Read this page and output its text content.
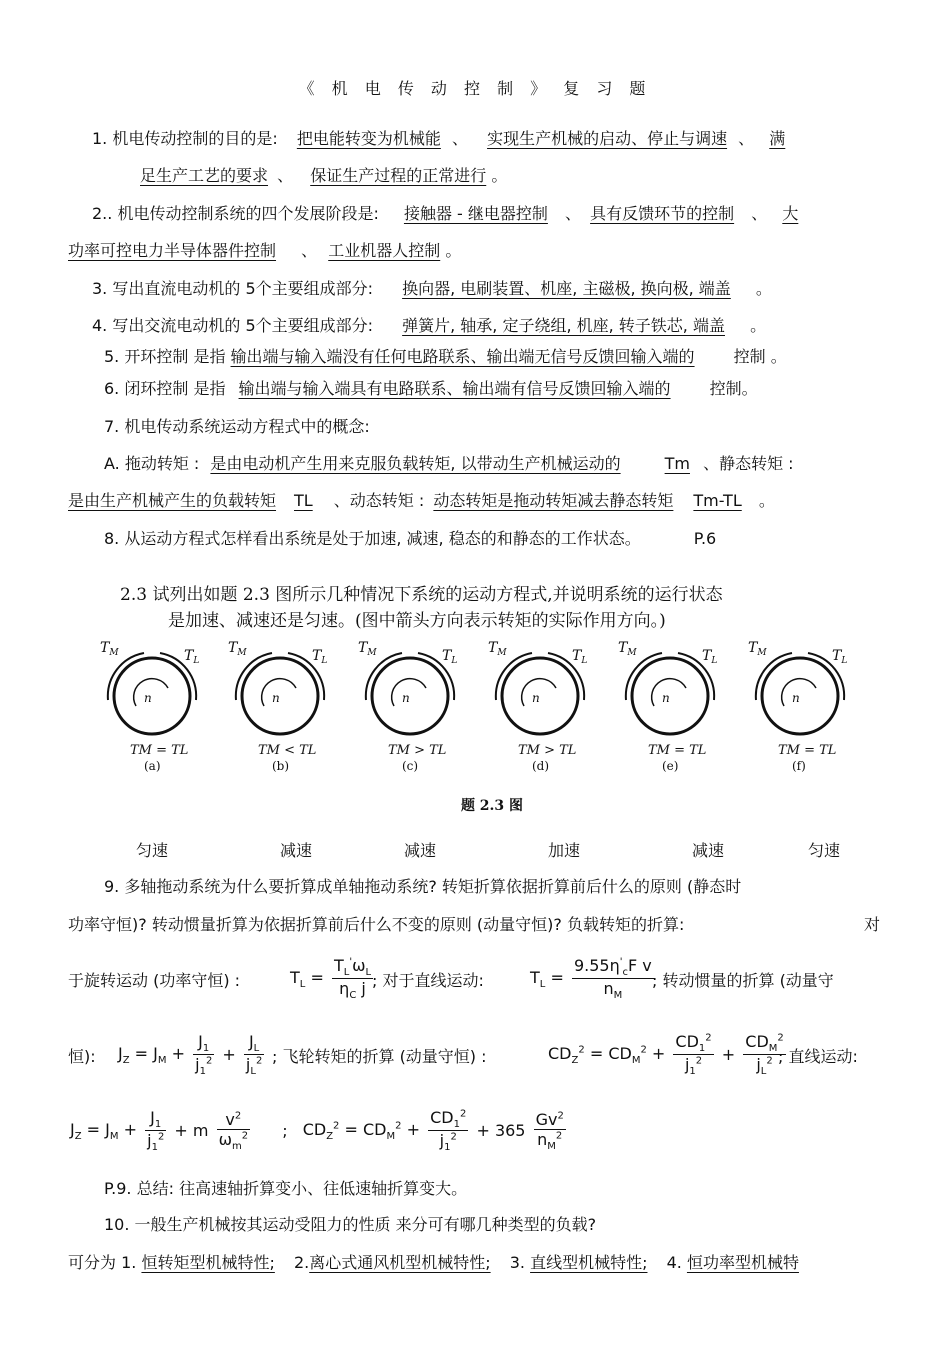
《 机 电 传 动 控 制 》 复 习 题
1. 机电传动控制的目的是: 把电能转变为机械能 、 实现生产机械的启动、停止与调速 、 满
足生产工艺的要求 、 保证生产过程的正常进行 。
2.. 机电传动控制系统的四个发展阶段是: 接触器 - 继电器控制 、 具有反馈环节的控制 、 大
功率可控电力半导体器件控制 、 工业机器人控制 。
3. 写出直流电动机的 5个主要组成部分: 换向器, 电刷装置、机座, 主磁极, 换向极, 端盖 。
4. 写出交流电动机的 5个主要组成部分: 弹簧片, 轴承, 定子绕组, 机座, 转子铁芯, 端盖 。
5. 开环控制 是指 输出端与输入端没有任何电路联系、输出端无信号反馈回输入端的 控制 。
6. 闭环控制 是指 输出端与输入端具有电路联系、输出端有信号反馈回输入端的 控制。
7. 机电传动系统运动方程式中的概念:
A. 拖动转矩 : 是由电动机产生用来克服负载转矩, 以带动生产机械运动的	Tm 、静态转矩 :
是由生产机械产生的负载转矩 TL 、动态转矩 : 动态转矩是拖动转矩减去静态转矩 Tm-TL 。
8. 从运动方程式怎样看出系统是处于加速, 减速, 稳态的和静态的工作状态。	P.6
2.3 试列出如题 2.3 图所示几种情况下系统的运动方程式,并说明系统的运行状态
是加速、减速还是匀速。(图中箭头方向表示转矩的实际作用方向。)
n
$T_M$	$T_L$
TM = TL
(a)
n
$T_M$	$T_L$
TM < TL
(b)
n
$T_M$	$T_L$
TM > TL
(c)
n
$T_M$	$T_L$
TM > TL
(d)
n
$T_M$	$T_L$
TM = TL
(e)
n
$T_M$	$T_L$
TM = TL
(f)
题 2.3 图
匀速	减速	减速	加速	减速	匀速
9. 多轴拖动系统为什么要折算成单轴拖动系统? 转矩折算依据折算前后什么的原则 (静态时
功率守恒)? 转动惯量折算为依据折算前后什么不变的原则 (动量守恒)? 负载转矩的折算:	对
于旋转运动 (功率守恒) :	$T_L = \frac{T_L'\omega_L}{\eta_C j}$
; 对于直线运动:	$T_L = \frac{9.55\eta'_cF v}{n_M}$
; 转动惯量的折算 (动量守
恒): $J_Z = J_M + \frac{J_1}{j_1^2} + \frac{J_L}{j_L^2}$ ; 飞轮转矩的折算 (动量守恒) :	$CD_Z^2 = CD_M^2 + \frac{CD_1^2}{j_1^2} + \frac{CD_M^2}{j_L^2}$
; 直线运动:
$J_Z = J_M + \frac{J_1}{j_1^2} + m \frac{v^2}{\omega_m^2}$ ; $CD_Z^2 = CD_M^2 + \frac{CD_1^2}{j_1^2} + 365 \frac{Gv^2}{n_M^2}$
P.9. 总结: 往高速轴折算变小、往低速轴折算变大。
10. 一般生产机械按其运动受阻力的性质 来分可有哪几种类型的负载?
可分为 1. 恒转矩型机械特性; 2.离心式通风机型机械特性; 3. 直线型机械特性; 4. 恒功率型机械特
